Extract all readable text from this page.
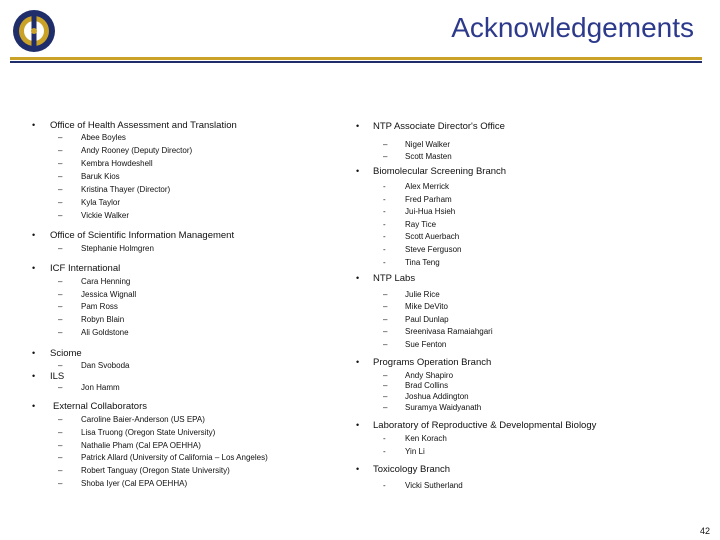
Acknowledgements
• Office of Health Assessment and Translation
– Abee Boyles
– Andy Rooney (Deputy Director)
– Kembra Howdeshell
– Baruk Kios
– Kristina Thayer (Director)
– Kyla Taylor
– Vickie Walker
• Office of Scientific Information Management
– Stephanie Holmgren
• ICF International
– Cara Henning
– Jessica Wignall
– Pam Ross
– Robyn Blain
– Ali Goldstone
• Sciome
– Dan Svoboda
• ILS
– Jon Hamm
• External Collaborators
– Caroline Baier-Anderson (US EPA)
– Lisa Truong (Oregon State University)
– Nathalie Pham (Cal EPA OEHHA)
– Patrick Allard (University of California – Los Angeles)
– Robert Tanguay (Oregon State University)
– Shoba Iyer (Cal EPA OEHHA)
• NTP Associate Director's Office
– Nigel Walker
– Scott Masten
• Biomolecular Screening Branch
- Alex Merrick
- Fred Parham
- Jui-Hua Hsieh
- Ray Tice
- Scott Auerbach
- Steve Ferguson
- Tina Teng
• NTP Labs
– Julie Rice
– Mike DeVito
– Paul Dunlap
– Sreenivasa Ramaiahgari
– Sue Fenton
• Programs Operation Branch
– Andy Shapiro
– Brad Collins
– Joshua Addington
– Suramya Waidyanath
• Laboratory of Reproductive & Developmental Biology
- Ken Korach
- Yin Li
• Toxicology Branch
- Vicki Sutherland
42
